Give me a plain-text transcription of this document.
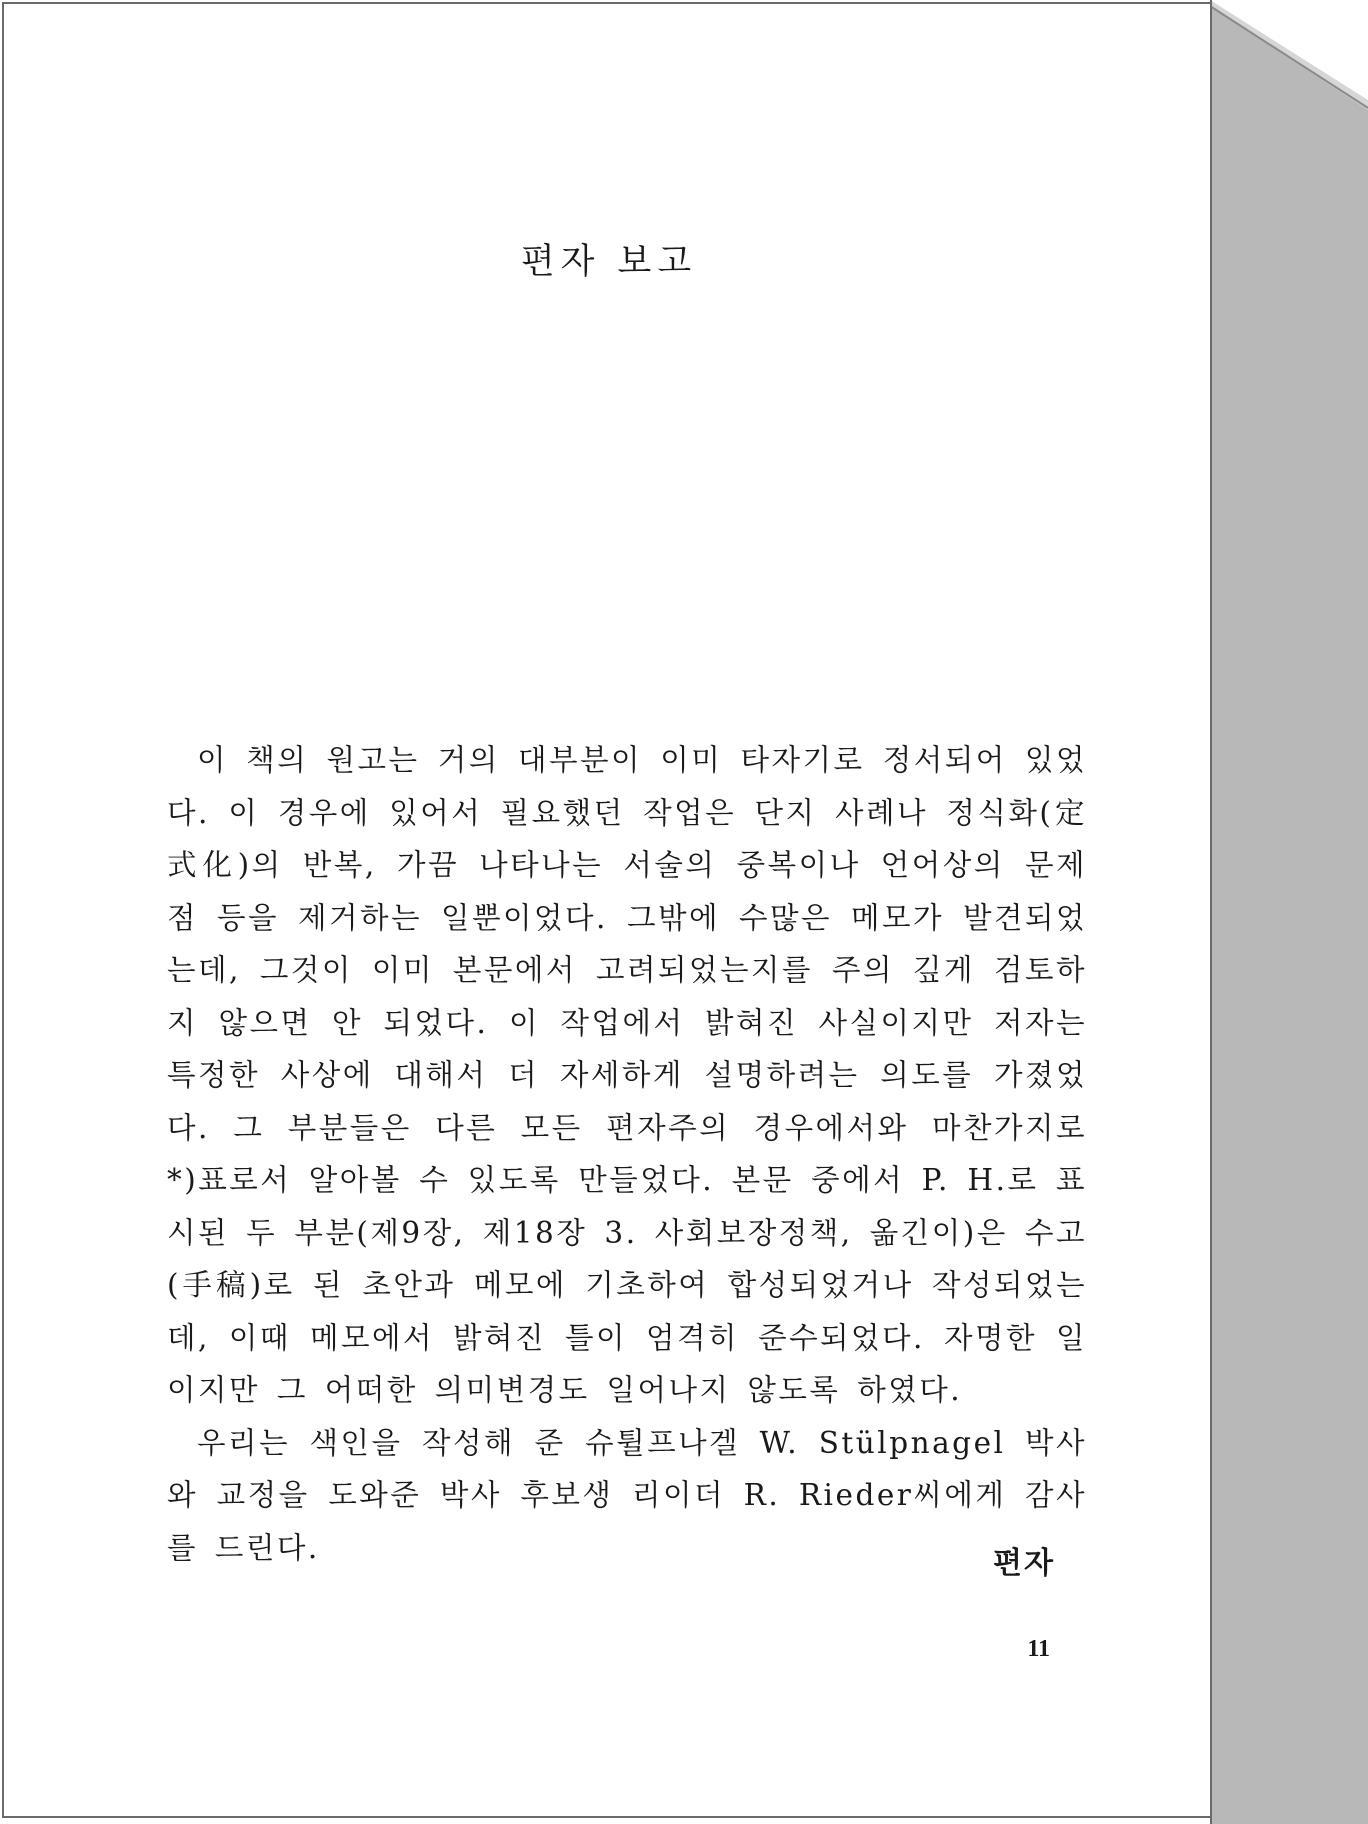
편자 보고

이 책의 원고는 거의 대부분이 이미 타자기로 정서되어 있었다. 이 경우에 있어서 필요했던 작업은 단지 사례나 정식화(定式化)의 반복, 가끔 나타나는 서술의 중복이나 언어상의 문제점 등을 제거하는 일뿐이었다. 그밖에 수많은 메모가 발견되었는데, 그것이 이미 본문에서 고려되었는지를 주의 깊게 검토하지 않으면 안 되었다. 이 작업에서 밝혀진 사실이지만 저자는 특정한 사상에 대해서 더 자세하게 설명하려는 의도를 가졌었다. 그 부분들은 다른 모든 편자주의 경우에서와 마찬가지로 *)표로서 알아볼 수 있도록 만들었다. 본문 중에서 P. H.로 표시된 두 부분(제9장, 제18장 3. 사회보장정책, 옮긴이)은 수고(手稿)로 된 초안과 메모에 기초하여 합성되었거나 작성되었는데, 이때 메모에서 밝혀진 틀이 엄격히 준수되었다. 자명한 일이지만 그 어떠한 의미변경도 일어나지 않도록 하였다.

우리는 색인을 작성해 준 슈튈프나겔 W. Stülpnagel 박사와 교정을 도와준 박사 후보생 리이더 R. Rieder씨에게 감사를 드린다.	편자
11
